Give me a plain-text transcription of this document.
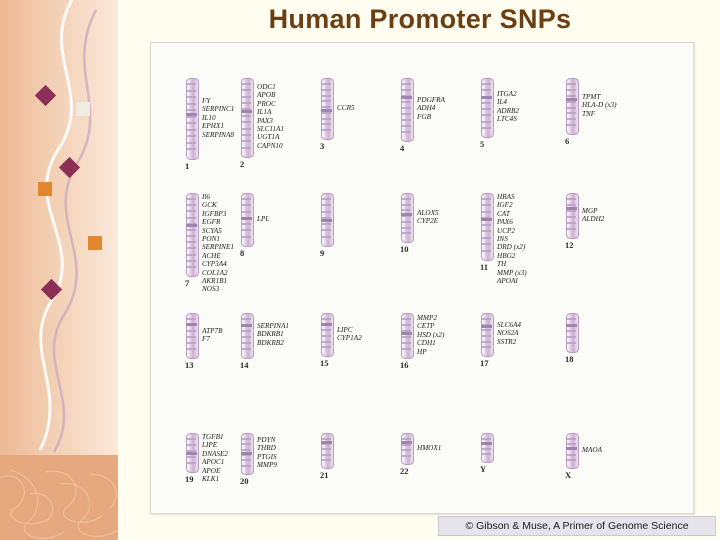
Human Promoter SNPs
1
FY
SERPINC1
IL10
EPHX1
SERPINA8
2
ODC1
APOB
PROC
IL1A
PAX3
SLC11A1
UGT1A
CAPN10	3
CCR5
4
PDGFRA
ADH4
FGB
5
ITGA2
IL4
ADRB2
LTC4S
6
TPMT
HLA-D (x3)
TNF
7
Il6
GCK
IGFBP3
EGFR
SCYA5
PON1
SERPINE1
ACHE
CYP3A4
COL1A2
AKR1B1
NOS3
8
LPL
9	10
ALOX5
CYP2E
11
HRAS
IGF2
CAT
PAX6
UCP2
INS
DRD (x2)
HBG2
TH
MMP (x3)
APOAI
12
MGP
ALDH2
13
ATP7B
F7
14
SERPINA1
BDKRB1
BDKRB2
15
LIPC
CYP1A2
16
MMP2
CETP
HSD (x2)
CDH1
HP
17
SLC6A4
NOS2A
SSTR2
18
19
TGFB1
LIPE
DNASE2
APOC1
APOE
KLK1	20
PDYN
THRD
PTGIS
MMP9
21	22
HMOX1
Y
X
MAOA
© Gibson & Muse, A Primer of Genome Science
